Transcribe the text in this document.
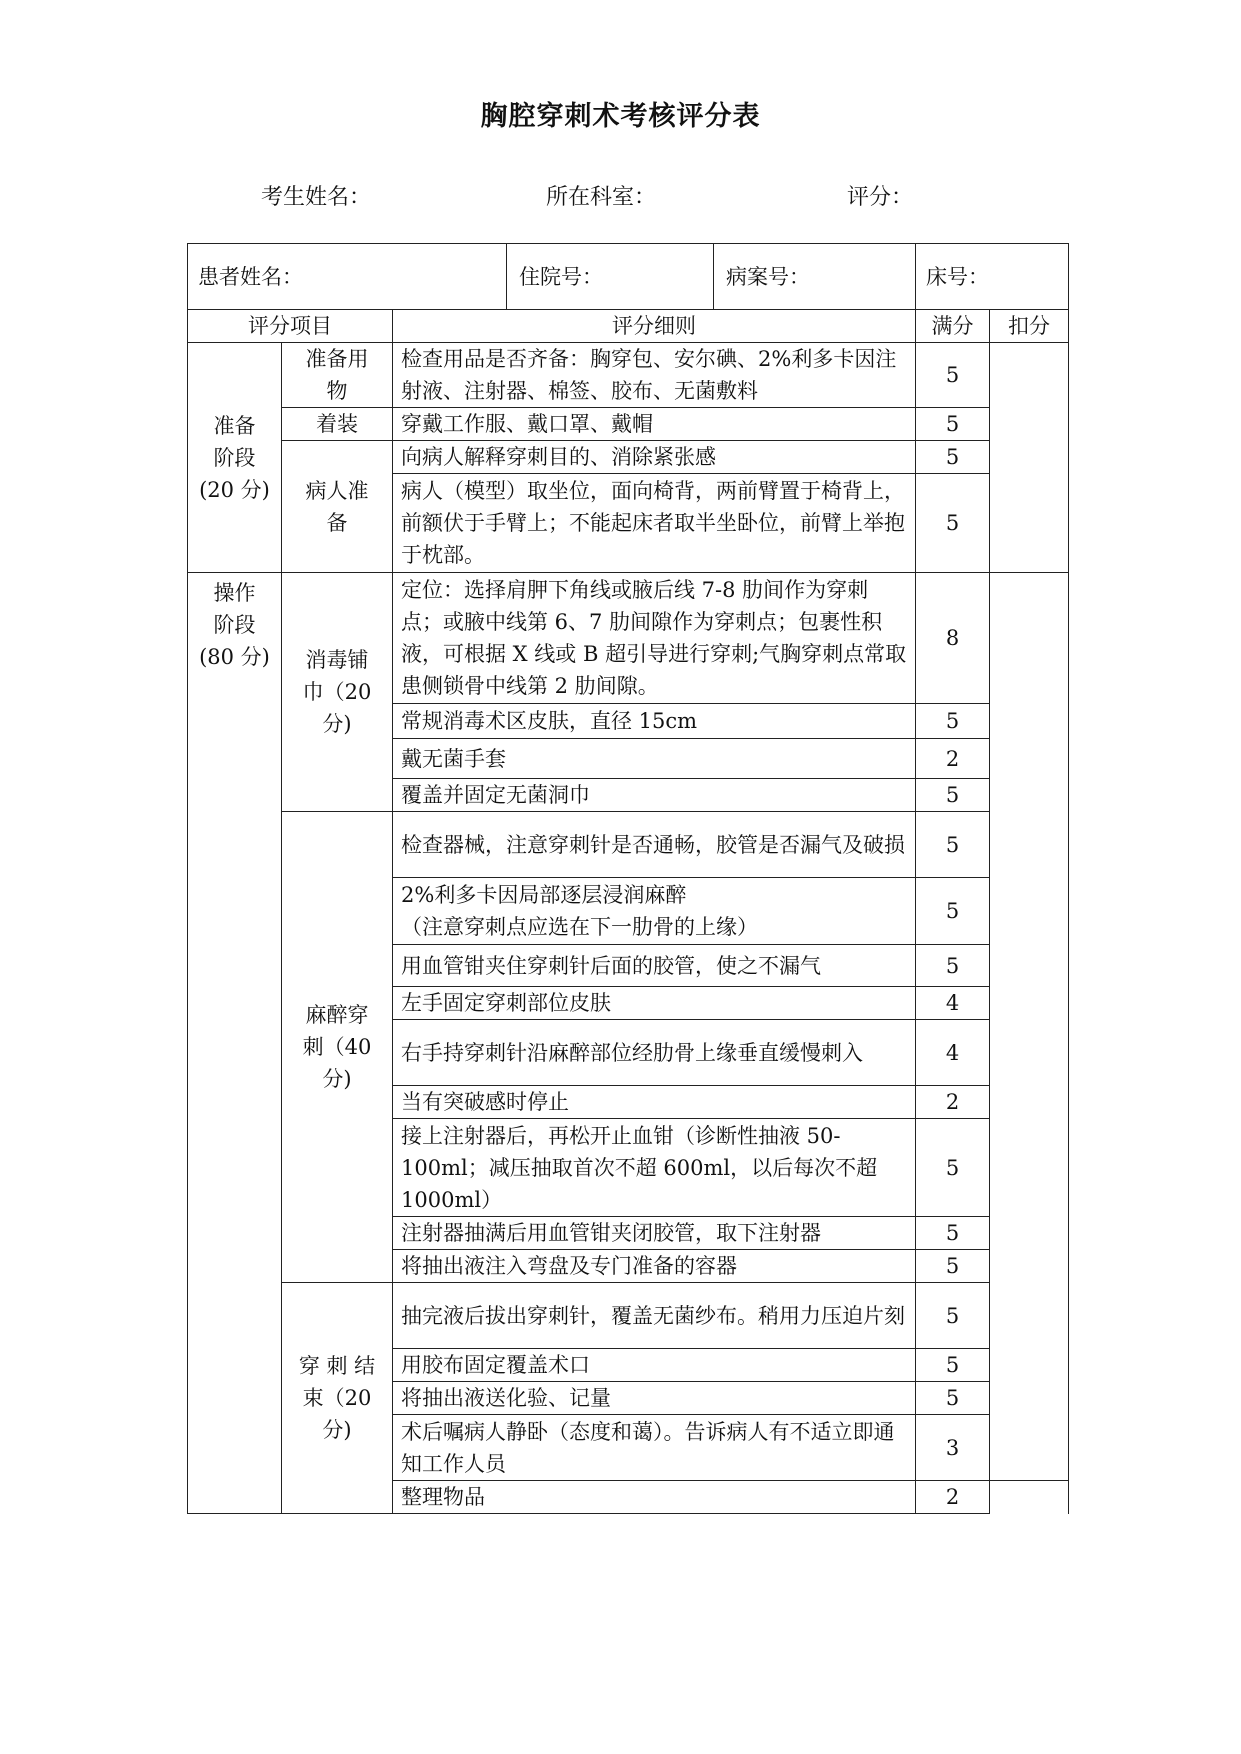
胸腔穿刺术考核评分表
考生姓名：	所在科室：	评分：
患者姓名： 住院号： 病案号：			床号：		
评分项目		评分细则	满分	扣分	
准备
阶段
(20 分)	准备用
物	检查用品是否齐备：胸穿包、安尔碘、2%利多卡因注射液、注射器、棉签、胶布、无菌敷料	5		
	着装	穿戴工作服、戴口罩、戴帽	5		
	病人准
备	向病人解释穿刺目的、消除紧张感	5		
		病人（模型）取坐位，面向椅背，两前臂置于椅背上，前额伏于手臂上；不能起床者取半坐卧位，前臂上举抱于枕部。	5		
操作
阶段
(80 分)	消毒铺
巾（20
分)	定位：选择肩胛下角线或腋后线 7-8 肋间作为穿刺点；或腋中线第 6、7 肋间隙作为穿刺点；包裹性积液，可根据 X 线或 B 超引导进行穿刺;气胸穿刺点常取患侧锁骨中线第 2 肋间隙。	8		
		常规消毒术区皮肤，直径 15cm	5		
		戴无菌手套	2		
		覆盖并固定无菌洞巾	5		
	麻醉穿
刺（40
分)	检查器械，注意穿刺针是否通畅，胶管是否漏气及破损	5		
		2%利多卡因局部逐层浸润麻醉
（注意穿刺点应选在下一肋骨的上缘）	5		
		用血管钳夹住穿刺针后面的胶管，使之不漏气	5		
		左手固定穿刺部位皮肤	4		
		右手持穿刺针沿麻醉部位经肋骨上缘垂直缓慢刺入	4		
		当有突破感时停止	2		
		接上注射器后，再松开止血钳（诊断性抽液 50-100ml；减压抽取首次不超 600ml，以后每次不超 1000ml）	5		
		注射器抽满后用血管钳夹闭胶管，取下注射器	5		
		将抽出液注入弯盘及专门准备的容器	5		
	穿 刺 结
束（20
分)	抽完液后拔出穿刺针，覆盖无菌纱布。稍用力压迫片刻	5		
		用胶布固定覆盖术口	5		
		将抽出液送化验、记量	5		
		术后嘱病人静卧（态度和蔼）。告诉病人有不适立即通知工作人员	3		
		整理物品	2		
